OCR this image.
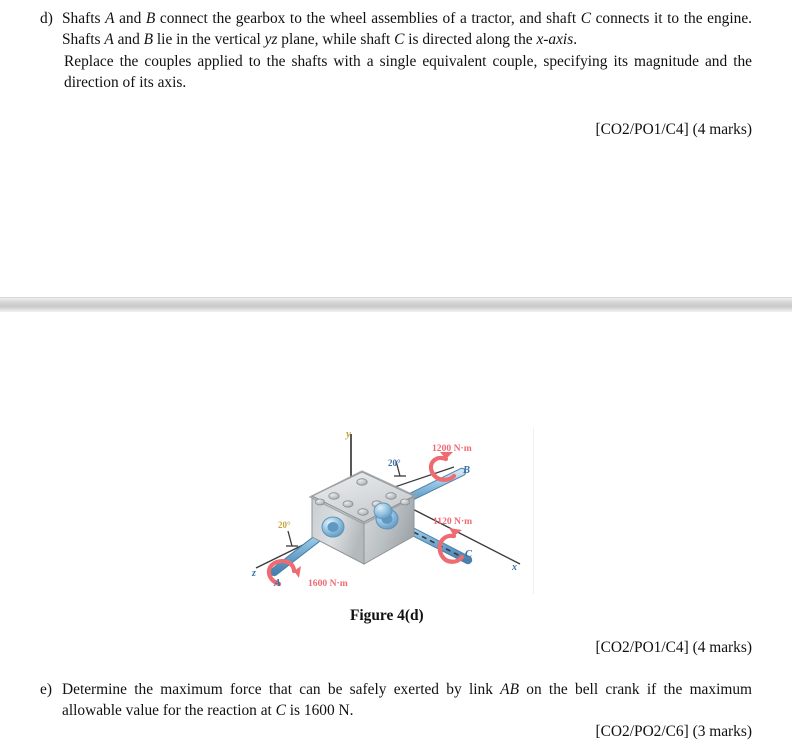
d) Shafts A and B connect the gearbox to the wheel assemblies of a tractor, and shaft C connects it to the engine. Shafts A and B lie in the vertical yz plane, while shaft C is directed along the x-axis.
Replace the couples applied to the shafts with a single equivalent couple, specifying its magnitude and the direction of its axis.
[CO2/PO1/C4] (4 marks)
y
x
z
A
B
C
1600 N·m
1200 N·m
1120 N·m
20°
20°
Figure 4(d)
[CO2/PO1/C4] (4 marks)
e) Determine the maximum force that can be safely exerted by link AB on the bell crank if the maximum allowable value for the reaction at C is 1600 N.
[CO2/PO2/C6] (3 marks)
